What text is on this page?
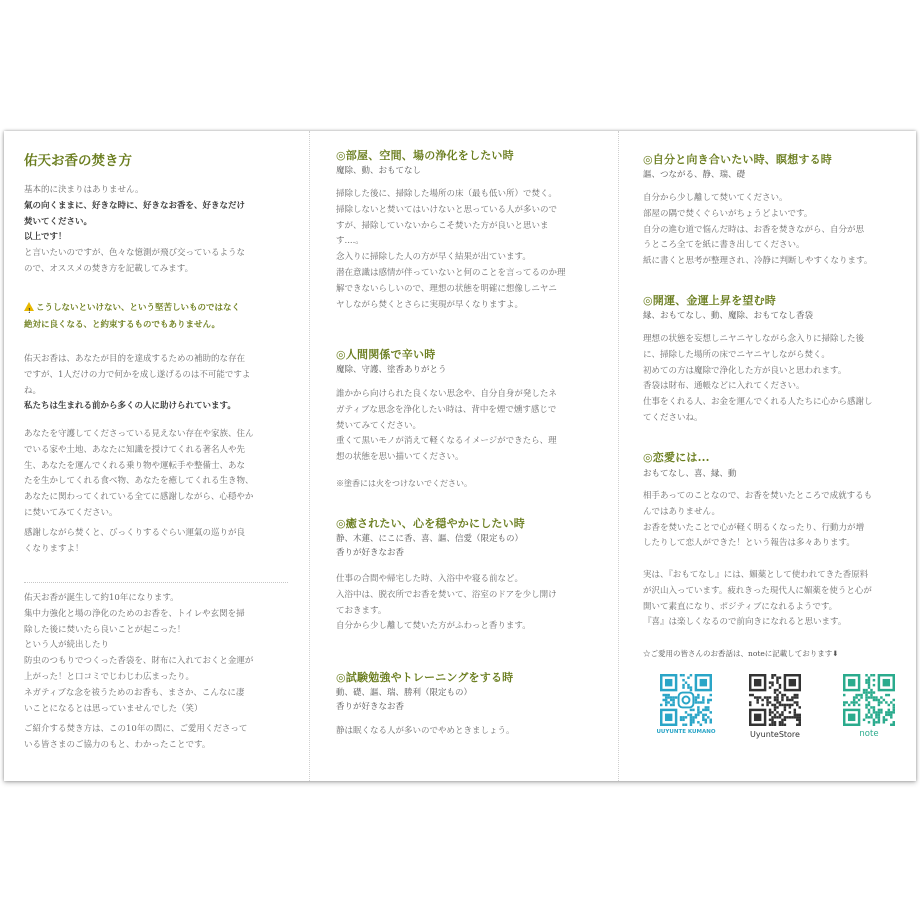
佑天お香の焚き方
基本的に決まりはありません。
氣の向くままに、好きな時に、好きなお香を、好きなだけ
焚いてください。
以上です！
と言いたいのですが、色々な憶測が飛び交っているような
ので、オススメの焚き方を記載してみます。
! こうしないといけない、という堅苦しいものではなく
絶対に良くなる、と約束するものでもありません。
佑天お香は、あなたが目的を達成するための補助的な存在
ですが、1人だけの力で何かを成し遂げるのは不可能ですよ
ね。
私たちは生まれる前から多くの人に助けられています。
あなたを守護してくださっている見えない存在や家族、住ん
でいる家や土地、あなたに知識を授けてくれる著名人や先
生、あなたを運んでくれる乗り物や運転手や整備士、あな
たを生かしてくれる食べ物、あなたを癒してくれる生き物、
あなたに関わってくれている全てに感謝しながら、心穏やか
に焚いてみてください。
感謝しながら焚くと、びっくりするぐらい運氣の巡りが良
くなりますよ！
佑天お香が誕生して約10年になります。
集中力強化と場の浄化のためのお香を、トイレや玄関を掃
除した後に焚いたら良いことが起こった！
という人が続出したり
防虫のつもりでつくった香袋を、財布に入れておくと金運が
上がった！と口コミでじわじわ広まったり。
ネガティブな念を祓うためのお香も、まさか、こんなに凄
いことになるとは思っていませんでした（笑）
ご紹介する焚き方は、この10年の間に、ご愛用くださって
いる皆さまのご協力のもと、わかったことです。
◎部屋、空間、場の浄化をしたい時
魔除、動、おもてなし
掃除した後に、掃除した場所の床（最も低い所）で焚く。
掃除しないと焚いてはいけないと思っている人が多いので
すが、掃除していないからこそ焚いた方が良いと思いま
す....。
念入りに掃除した人の方が早く結果が出ています。
潜在意識は感情が伴っていないと何のことを言ってるのか理
解できないらしいので、理想の状態を明確に想像しニヤニ
ヤしながら焚くとさらに実現が早くなりますよ。
◎人間関係で辛い時
魔除、守護、塗香ありがとう
誰かから向けられた良くない思念や、自分自身が発したネ
ガティブな思念を浄化したい時は、背中を煙で燻す感じで
焚いてみてください。
重くて黒いモノが消えて軽くなるイメージができたら、理
想の状態を思い描いてください。
※塗香には火をつけないでください。
◎癒されたい、心を穏やかにしたい時
静、木蓮、にこに香、喜、謳、信愛（限定もの）
香りが好きなお香
仕事の合間や帰宅した時、入浴中や寝る前など。
入浴中は、脱衣所でお香を焚いて、浴室のドアを少し開け
ておきます。
自分から少し離して焚いた方がふわっと香ります。
◎試験勉強やトレーニングをする時
動、礎、謳、瑞、勝利（限定もの）
香りが好きなお香
静は眠くなる人が多いのでやめときましょう。
◎自分と向き合いたい時、瞑想する時
謳、つながる、静、瑞、礎
自分から少し離して焚いてください。
部屋の隅で焚くぐらいがちょうどよいです。
自分の進む道で悩んだ時は、お香を焚きながら、自分が思
うところ全てを紙に書き出してください。
紙に書くと思考が整理され、冷静に判断しやすくなります。
◎開運、金運上昇を望む時
縁、おもてなし、動、魔除、おもてなし香袋
理想の状態を妄想しニヤニヤしながら念入りに掃除した後
に、掃除した場所の床でニヤニヤしながら焚く。
初めての方は魔除で浄化した方が良いと思われます。
香袋は財布、通帳などに入れてください。
仕事をくれる人、お金を運んでくれる人たちに心から感謝し
てくださいね。
◎恋愛には...
おもてなし、喜、縁、動
相手あってのことなので、お香を焚いたところで成就するも
んではありません。
お香を焚いたことで心が軽く明るくなったり、行動力が増
したりして恋人ができた！という報告は多々あります。
実は、『おもてなし』には、媚薬として使われてきた香原料
が沢山入っています。疲れきった現代人に媚薬を使うと心が
開いて素直になり、ポジティブになれるようです。
『喜』は楽しくなるので前向きになれると思います。
☆ご愛用の皆さんのお香話は、noteに記載しております⬇
UUYUNTE KUMANO	UyunteStore	note
